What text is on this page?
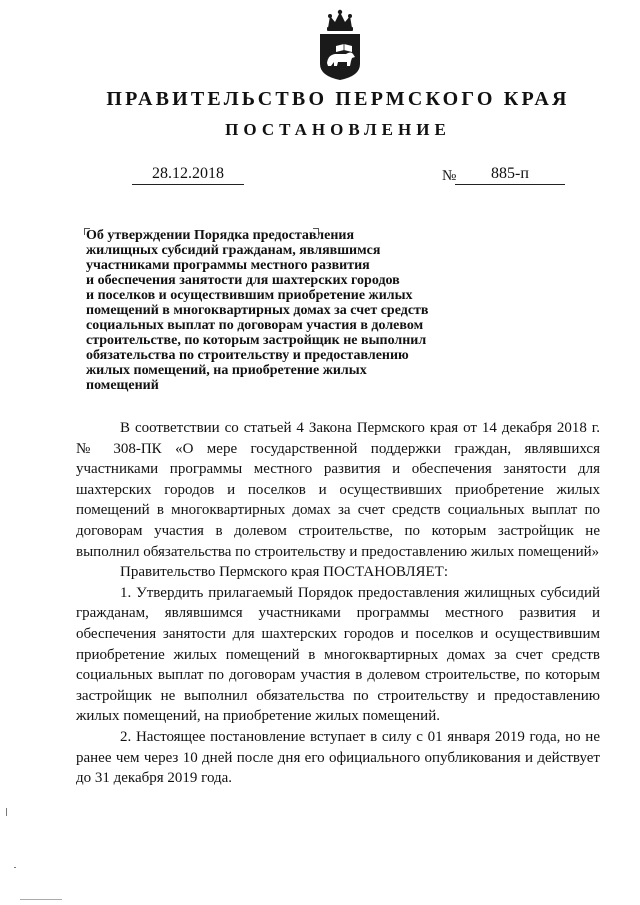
ПРАВИТЕЛЬСТВО ПЕРМСКОГО КРАЯ
ПОСТАНОВЛЕНИЕ
28.12.2018	№	885-п
Об утверждении Порядка предоставления
жилищных субсидий гражданам, являвшимся
участниками программы местного развития
и обеспечения занятости для шахтерских городов
и поселков и осуществившим приобретение жилых
помещений в многоквартирных домах за счет средств
социальных выплат по договорам участия в долевом
строительстве, по которым застройщик не выполнил
обязательства по строительству и предоставлению
жилых помещений, на приобретение жилых
помещений

В соответствии со статьей 4 Закона Пермского края от 14 декабря 2018 г. № 308-ПК «О мере государственной поддержки граждан, являвшихся участниками программы местного развития и обеспечения занятости для шахтерских городов и поселков и осуществивших приобретение жилых помещений в многоквартирных домах за счет средств социальных выплат по договорам участия в долевом строительстве, по которым застройщик не выполнил обязательства по строительству и предоставлению жилых помещений»

Правительство Пермского края ПОСТАНОВЛЯЕТ:

1. Утвердить прилагаемый Порядок предоставления жилищных субсидий гражданам, являвшимся участниками программы местного развития и обеспечения занятости для шахтерских городов и поселков и осуществившим приобретение жилых помещений в многоквартирных домах за счет средств социальных выплат по договорам участия в долевом строительстве, по которым застройщик не выполнил обязательства по строительству и предоставлению жилых помещений, на приобретение жилых помещений.

2. Настоящее постановление вступает в силу с 01 января 2019 года, но не ранее чем через 10 дней после дня его официального опубликования и действует до 31 декабря 2019 года.
